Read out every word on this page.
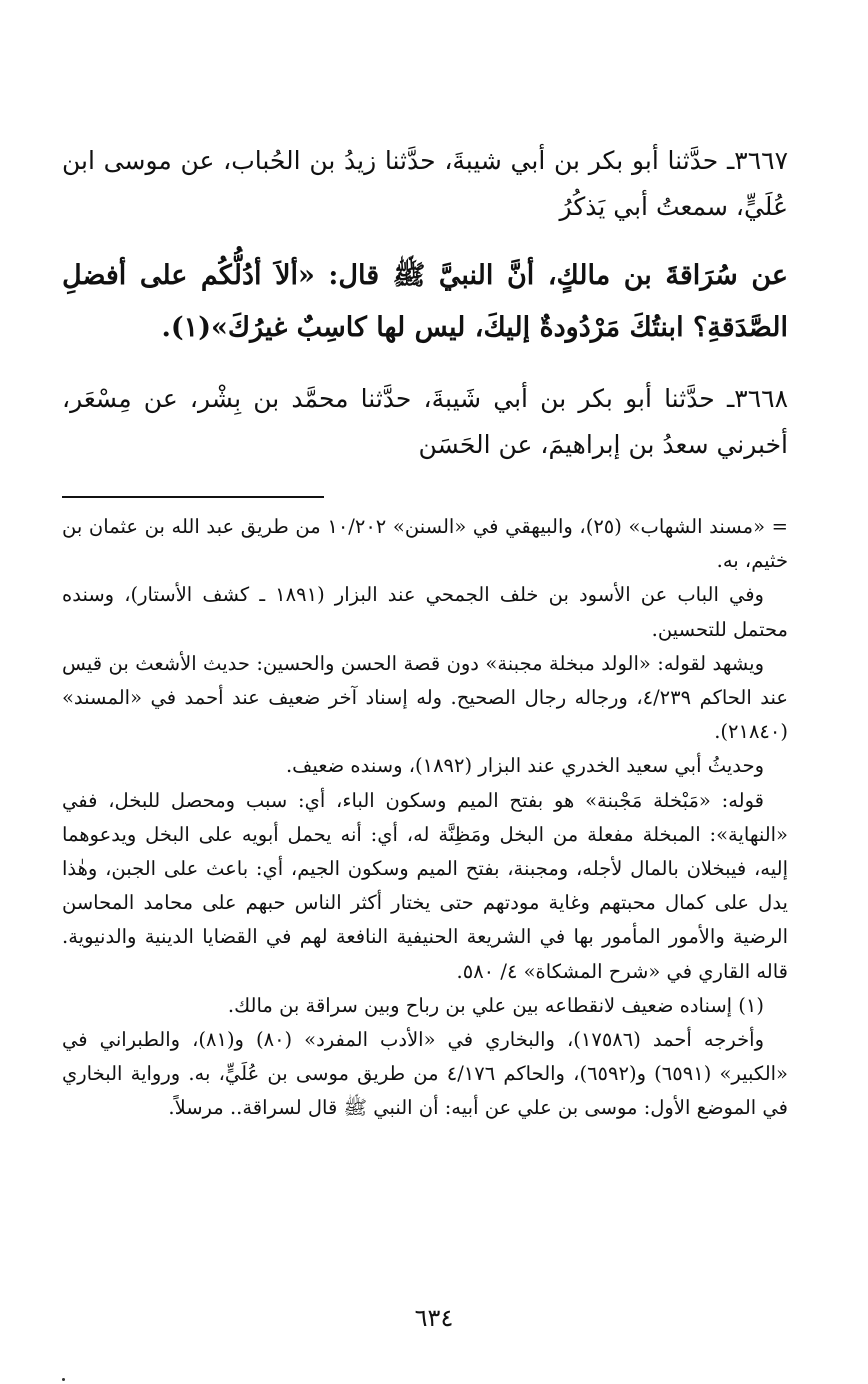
٣٦٦٧ـ حدَّثنا أبو بكر بن أبي شيبةَ، حدَّثنا زيدُ بن الحُباب، عن موسى ابن عُلَيٍّ، سمعتُ أبي يَذكُرُ

عن سُرَاقةَ بن مالكٍ، أنَّ النبيَّ ﷺ قال: «ألاَ أدُلُّكُم على أفضلِ الصَّدَقةِ؟ ابنتُكَ مَرْدُودةٌ إليكَ، ليس لها كاسِبٌ غيرُكَ»(١).

٣٦٦٨ـ حدَّثنا أبو بكر بن أبي شَيبةَ، حدَّثنا محمَّد بن بِشْر، عن مِسْعَر، أخبرني سعدُ بن إبراهيمَ، عن الحَسَن

= «مسند الشهاب» (٢٥)، والبيهقي في «السنن» ١٠/٢٠٢ من طريق عبد الله بن عثمان بن خثيم، به.

وفي الباب عن الأسود بن خلف الجمحي عند البزار (١٨٩١ ـ كشف الأستار)، وسنده محتمل للتحسين.

ويشهد لقوله: «الولد مبخلة مجبنة» دون قصة الحسن والحسين: حديث الأشعث بن قيس عند الحاكم ٤/٢٣٩، ورجاله رجال الصحيح. وله إسناد آخر ضعيف عند أحمد في «المسند» (٢١٨٤٠).

وحديثُ أبي سعيد الخدري عند البزار (١٨٩٢)، وسنده ضعيف.

قوله: «مَبْخلة مَجْبنة» هو بفتح الميم وسكون الباء، أي: سبب ومحصل للبخل، ففي «النهاية»: المبخلة مفعلة من البخل ومَظِنَّة له، أي: أنه يحمل أبويه على البخل ويدعوهما إليه، فيبخلان بالمال لأجله، ومجبنة، بفتح الميم وسكون الجيم، أي: باعث على الجبن، وهٰذا يدل على كمال محبتهم وغاية مودتهم حتى يختار أكثر الناس حبهم على محامد المحاسن الرضية والأمور المأمور بها في الشريعة الحنيفية النافعة لهم في القضايا الدينية والدنيوية. قاله القاري في «شرح المشكاة» ٤/ ٥٨٠.

(١) إسناده ضعيف لانقطاعه بين علي بن رباح وبين سراقة بن مالك.

وأخرجه أحمد (١٧٥٨٦)، والبخاري في «الأدب المفرد» (٨٠) و(٨١)، والطبراني في «الكبير» (٦٥٩١) و(٦٥٩٢)، والحاكم ٤/١٧٦ من طريق موسى بن عُلَيٍّ، به. ورواية البخاري في الموضع الأول: موسى بن علي عن أبيه: أن النبي ﷺ قال لسراقة.. مرسلاً.

٦٣٤
